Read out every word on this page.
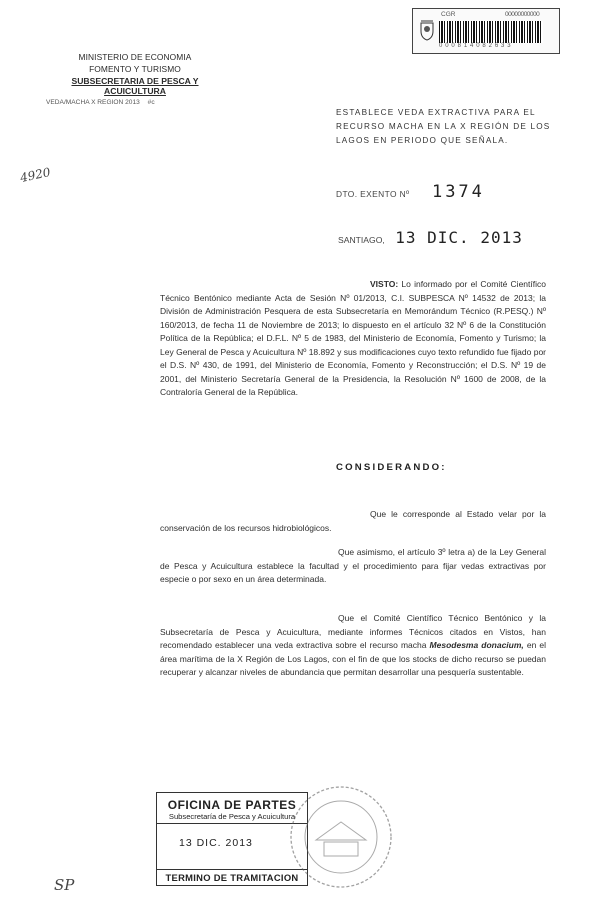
CGR	00000000000
0 0 0 8 1 4 0 8 2 6 3 3
MINISTERIO DE ECONOMIA
FOMENTO Y TURISMO
SUBSECRETARIA DE PESCA Y ACUICULTURA
VEDA/MACHA X REGION 2013 #c
4920
ESTABLECE VEDA EXTRACTIVA PARA EL
RECURSO MACHA EN LA X REGIÓN DE LOS
LAGOS EN PERIODO QUE SEÑALA.
DTO. EXENTO Nº 1374
SANTIAGO, 13 DIC. 2013
VISTO: Lo informado por el Comité Científico Técnico Bentónico mediante Acta de Sesión Nº 01/2013, C.I. SUBPESCA Nº 14532 de 2013; la División de Administración Pesquera de esta Subsecretaría en Memorándum Técnico (R.PESQ.) Nº 160/2013, de fecha 11 de Noviembre de 2013; lo dispuesto en el artículo 32 Nº 6 de la Constitución Política de la República; el D.F.L. Nº 5 de 1983, del Ministerio de Economía, Fomento y Turismo; la Ley General de Pesca y Acuicultura Nº 18.892 y sus modificaciones cuyo texto refundido fue fijado por el D.S. Nº 430, de 1991, del Ministerio de Economía, Fomento y Reconstrucción; el D.S. Nº 19 de 2001, del Ministerio Secretaría General de la Presidencia, la Resolución Nº 1600 de 2008, de la Contraloría General de la República.
CONSIDERANDO:
Que le corresponde al Estado velar por la conservación de los recursos hidrobiológicos.
Que asimismo, el artículo 3º letra a) de la Ley General de Pesca y Acuicultura establece la facultad y el procedimiento para fijar vedas extractivas por especie o por sexo en un área determinada.
Que el Comité Científico Técnico Bentónico y la Subsecretaría de Pesca y Acuicultura, mediante informes Técnicos citados en Vistos, han recomendado establecer una veda extractiva sobre el recurso macha Mesodesma donacium, en el área marítima de la X Región de Los Lagos, con el fin de que los stocks de dicho recurso se puedan recuperar y alcanzar niveles de abundancia que permitan desarrollar una pesquería sustentable.
OFICINA DE PARTES
Subsecretaría de Pesca y Acuicultura
13 DIC. 2013
TERMINO DE TRAMITACION
SP
